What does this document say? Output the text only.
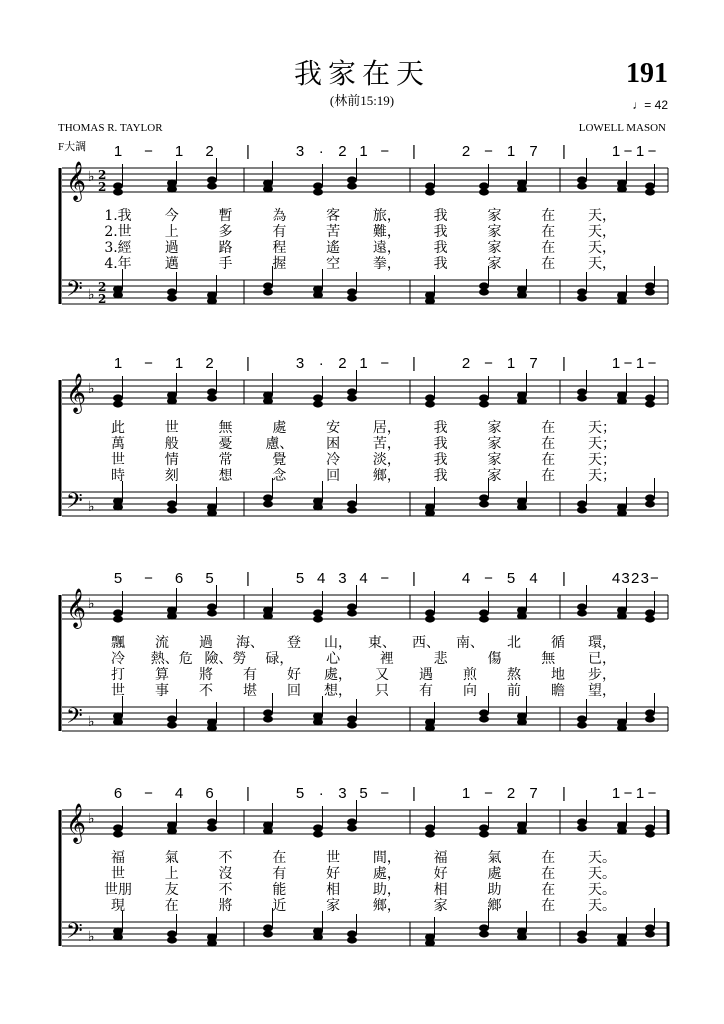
我家在天
(林前15:19)
191
♩= 42
THOMAS R. TAYLOR	LOWELL MASON
F大調
𝄞
𝄢
♭
♭
2
2
2
2
1 − 1 2 |	3 · 2 1 − |	2 − 1 7 |	1 − 1 −
1.我 今	暫	為	客 旅， 我	家	在 天，
2.世 上	多	有	苦 難， 我	家	在 天，
3.經 過	路	程	遙 遠， 我	家	在 天，
4.年 邁	手	握	空 拳， 我	家	在 天，
𝄞
𝄢
♭
♭
1 − 1 2 |	3 · 2 1 − |	2 − 1 7 |	1 − 1 −
此	世	無	處	安 居， 我	家	在 天；
萬	般	憂 慮、 困 苦， 我	家	在 天；
世	情	常	覺	冷 淡， 我	家	在 天；
時	刻	想	念	回 鄉， 我	家	在 天；
𝄞
𝄢
♭
♭
5 − 6 5 |	5 4 3 4 − |	4 − 5 4 |	4 3 2 3 −
飄 流 過 海、 登 山， 東、 西、 南、 北 循 環，
冷 熱、危 險、勞 碌， 心	裡	悲	傷	無 已，
打 算 將 有 好 處， 又 遇 煎 熬 地 步，
世 事 不 堪 回 想， 只 有 向 前 瞻 望，
𝄞
𝄢
♭
♭
6 − 4 6 |	5 · 3 5 − |	1 − 2 7 |	1 − 1 −
福	氣	不	在	世 間， 福	氣	在 天。
世	上	沒	有	好 處， 好	處	在 天。
世朋 友	不	能	相 助， 相	助	在 天。
現	在	將	近	家 鄉， 家	鄉	在 天。
